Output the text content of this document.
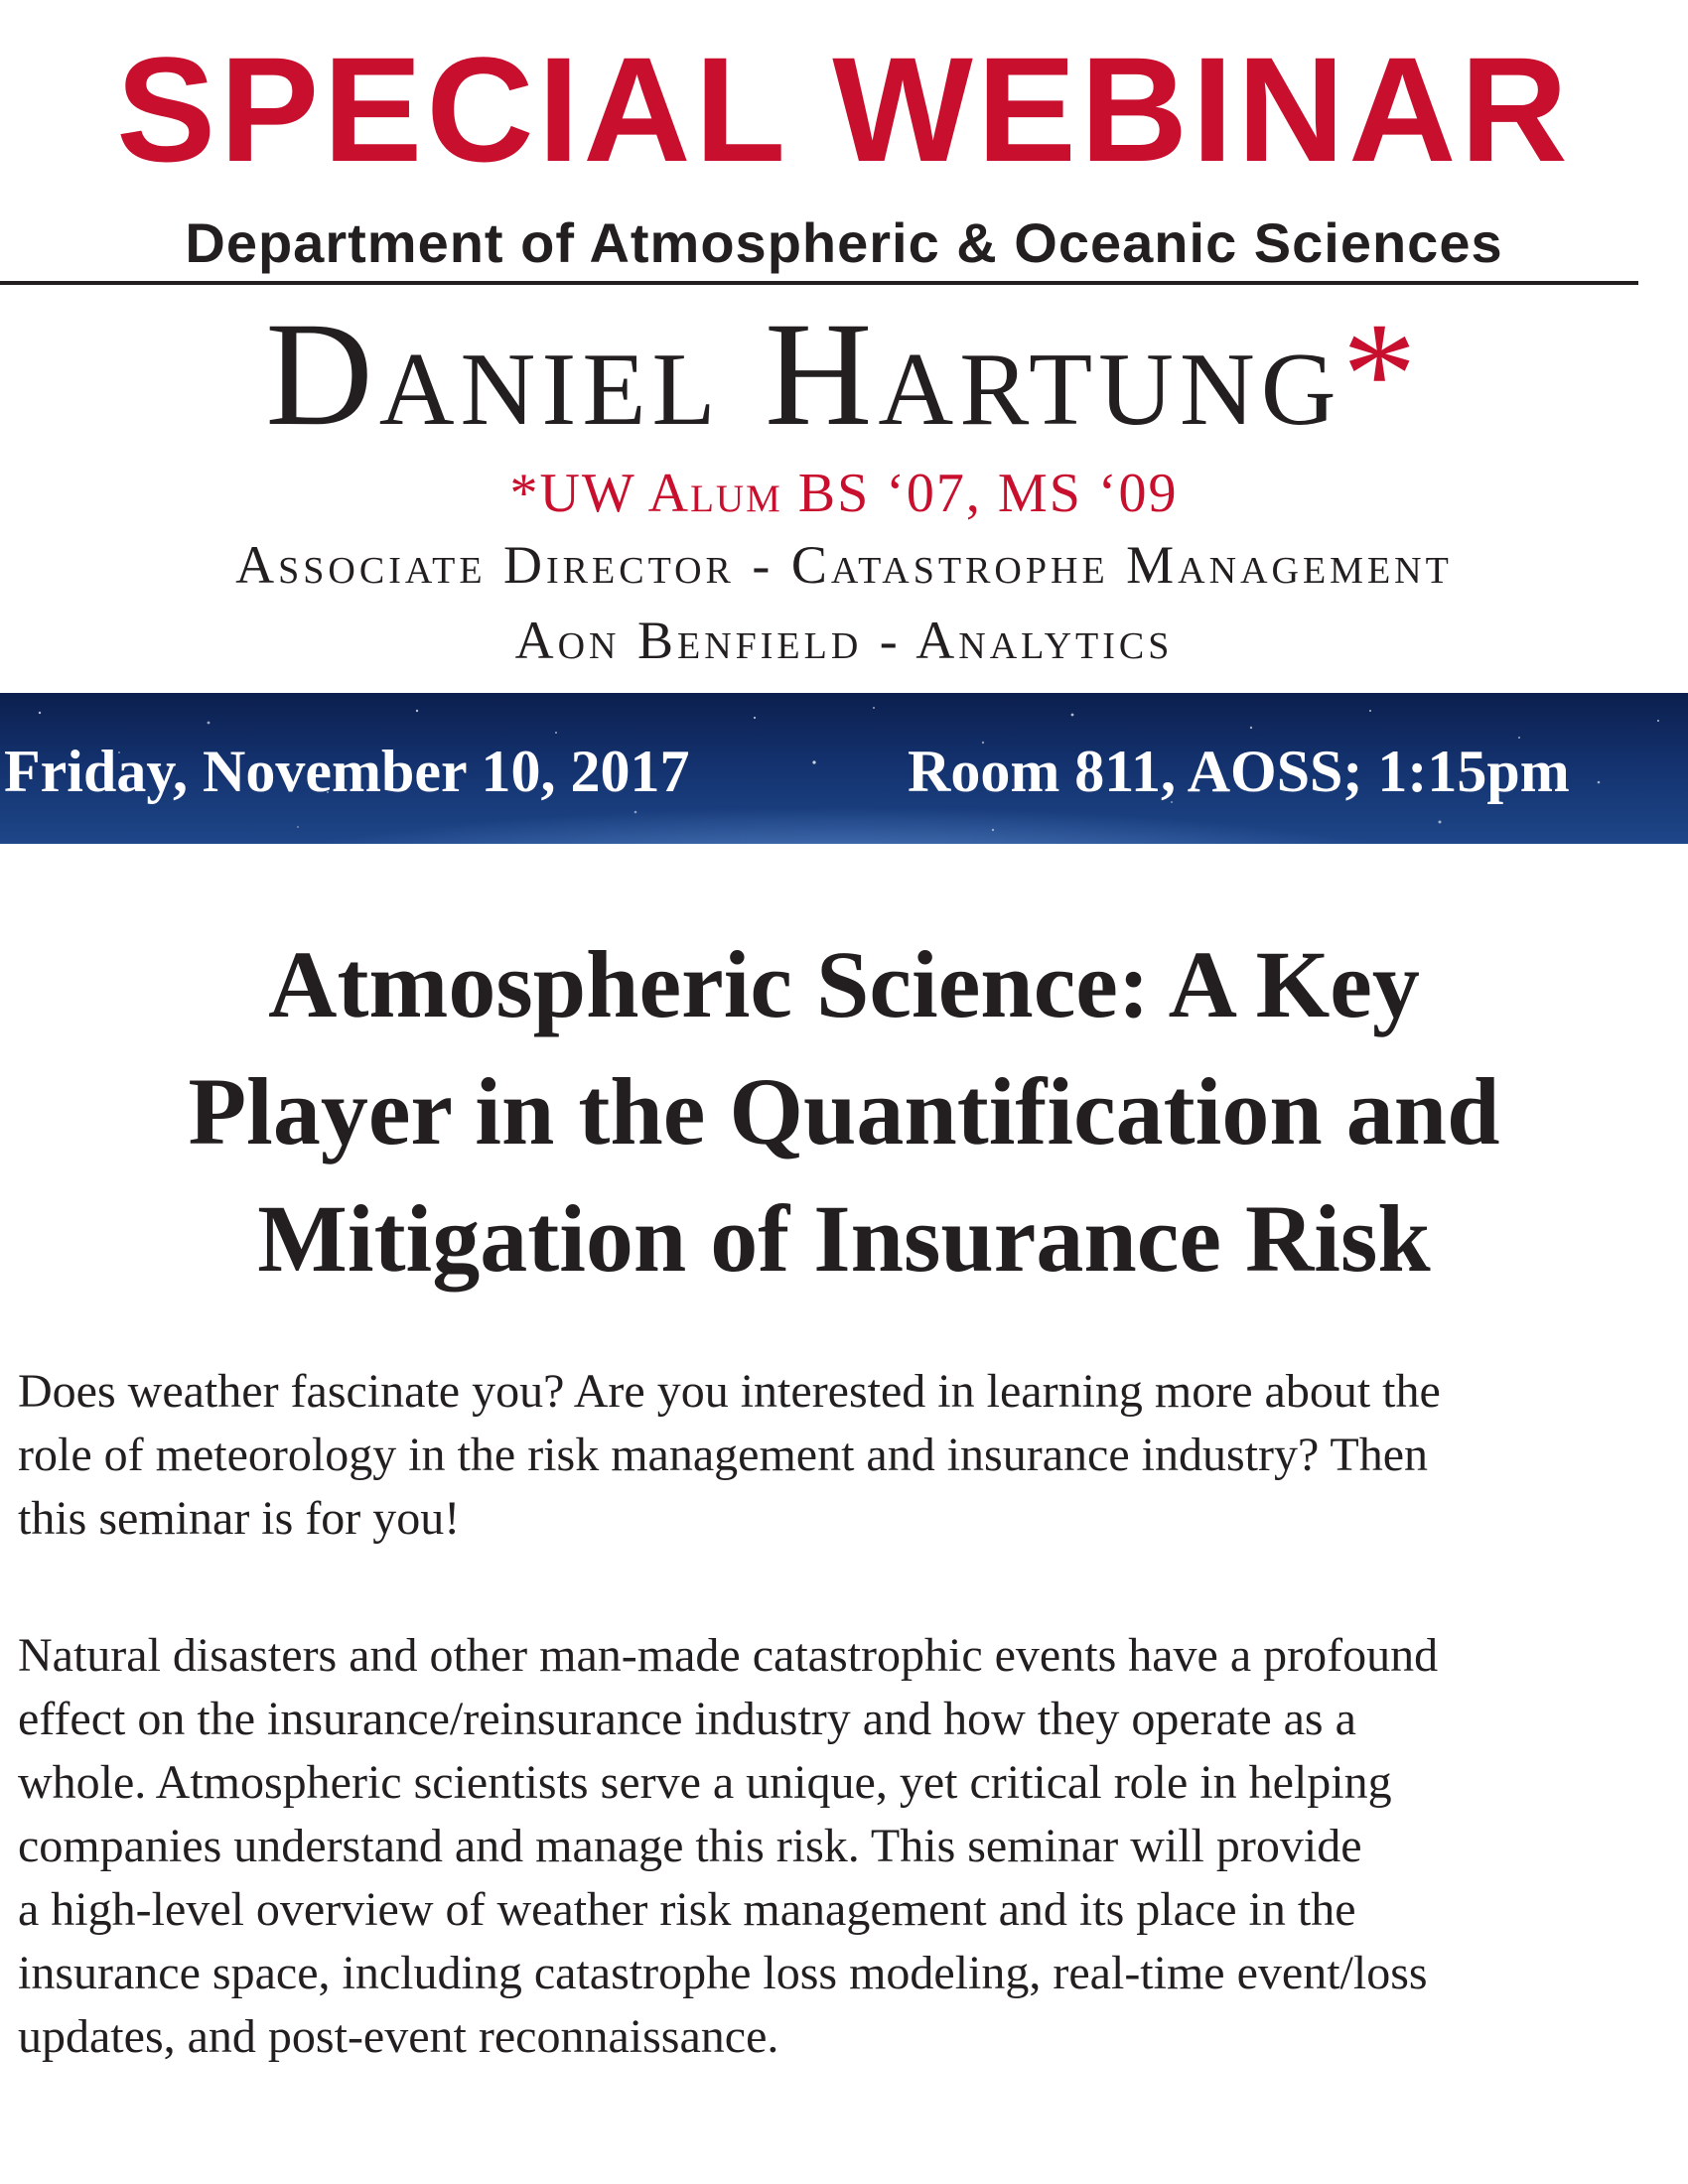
SPECIAL WEBINAR
Department of Atmospheric & Oceanic Sciences
Daniel Hartung*
*UW Alum BS ‘07, MS ‘09
Associate Director - Catastrophe Management
Aon Benfield - Analytics
Friday, November 10, 2017	Room 811, AOSS; 1:15pm
Atmospheric Science: A Key
Player in the Quantification and
Mitigation of Insurance Risk
Does weather fascinate you? Are you interested in learning more about the
role of meteorology in the risk management and insurance industry? Then
this seminar is for you!
Natural disasters and other man-made catastrophic events have a profound
effect on the insurance/reinsurance industry and how they operate as a
whole. Atmospheric scientists serve a unique, yet critical role in helping
companies understand and manage this risk. This seminar will provide
a high-level overview of weather risk management and its place in the
insurance space, including catastrophe loss modeling, real-time event/loss
updates, and post-event reconnaissance.
